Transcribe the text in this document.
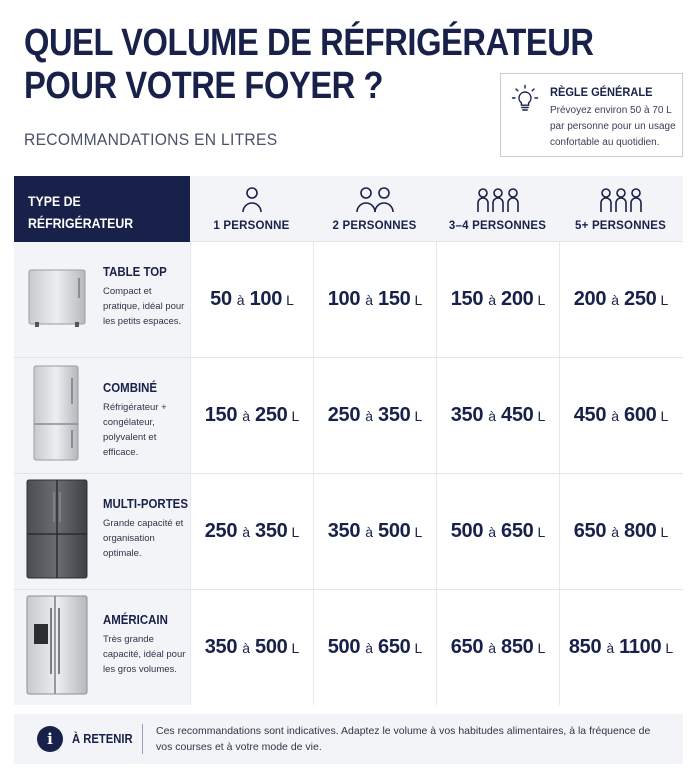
QUEL VOLUME DE RÉFRIGÉRATEUR
POUR VOTRE FOYER ?
RECOMMANDATIONS EN LITRES
RÈGLE GÉNÉRALE
Prévoyez environ 50 à 70 L par personne pour un usage confortable au quotidien.
TYPE DE
RÉFRIGÉRATEUR	1 PERSONNE	2 PERSONNES	3–4 PERSONNES	5+ PERSONNES
TABLE TOP
Compact et pratique, idéal pour les petits espaces.
50 à 100 L 100 à 150 L 150 à 200 L 200 à 250 L
COMBINÉ
Réfrigérateur + congélateur, polyvalent et efficace.
150 à 250 L 250 à 350 L 350 à 450 L 450 à 600 L
MULTI-PORTES
Grande capacité et organisation optimale.
250 à 350 L 350 à 500 L 500 à 650 L 650 à 800 L
AMÉRICAIN
Très grande capacité, idéal pour les gros volumes.
350 à 500 L 500 à 650 L 650 à 850 L 850 à 1100 L
i	À RETENIR
Ces recommandations sont indicatives. Adaptez le volume à vos habitudes alimentaires, à la fréquence de vos courses et à votre mode de vie.
